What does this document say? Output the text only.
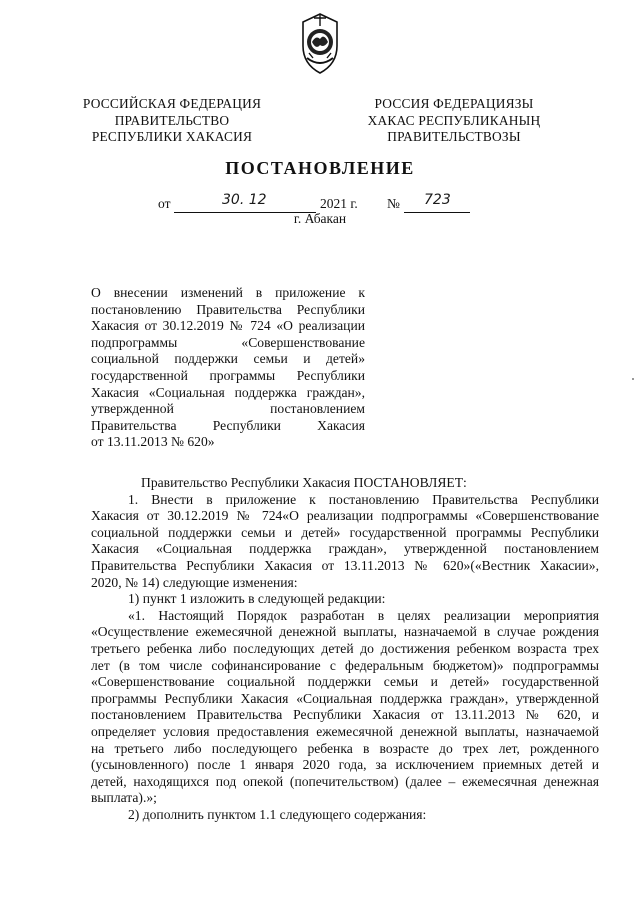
РОССИЙСКАЯ ФЕДЕРАЦИЯ
ПРАВИТЕЛЬСТВО
РЕСПУБЛИКИ ХАКАСИЯ
РОССИЯ ФЕДЕРАЦИЯЗЫ
ХАКАС РЕСПУБЛИКАНЫҢ
ПРАВИТЕЛЬСТВОЗЫ
ПОСТАНОВЛЕНИЕ
от	30. 12	2021 г. № 723
г. Абакан
О внесении изменений в приложение к
постановлению Правительства Республики
Хакасия от 30.12.2019 № 724 «О реализации
подпрограммы «Совершенствование
социальной поддержки семьи и детей»
государственной программы Республики
Хакасия «Социальная поддержка граждан»,
утвержденной постановлением
Правительства Республики Хакасия
от 13.11.2013 № 620»
Правительство Республики Хакасия ПОСТАНОВЛЯЕТ:
1. Внести в приложение к постановлению Правительства Республики
Хакасия от 30.12.2019 № 724«О реализации подпрограммы «Совершенствование
социальной поддержки семьи и детей» государственной программы Республики
Хакасия «Социальная поддержка граждан», утвержденной постановлением
Правительства Республики Хакасия от 13.11.2013 № 620»(«Вестник Хакасии»,
2020, № 14) следующие изменения:
1) пункт 1 изложить в следующей редакции:
«1. Настоящий Порядок разработан в целях реализации мероприятия
«Осуществление ежемесячной денежной выплаты, назначаемой в случае рождения
третьего ребенка либо последующих детей до достижения ребенком возраста трех
лет (в том числе софинансирование с федеральным бюджетом)» подпрограммы
«Совершенствование социальной поддержки семьи и детей» государственной
программы Республики Хакасия «Социальная поддержка граждан», утвержденной
постановлением Правительства Республики Хакасия от 13.11.2013 № 620, и
определяет условия предоставления ежемесячной денежной выплаты, назначаемой
на третьего либо последующего ребенка в возрасте до трех лет, рожденного
(усыновленного) после 1 января 2020 года, за исключением приемных детей и
детей, находящихся под опекой (попечительством) (далее – ежемесячная денежная
выплата).»;
2) дополнить пунктом 1.1 следующего содержания:
